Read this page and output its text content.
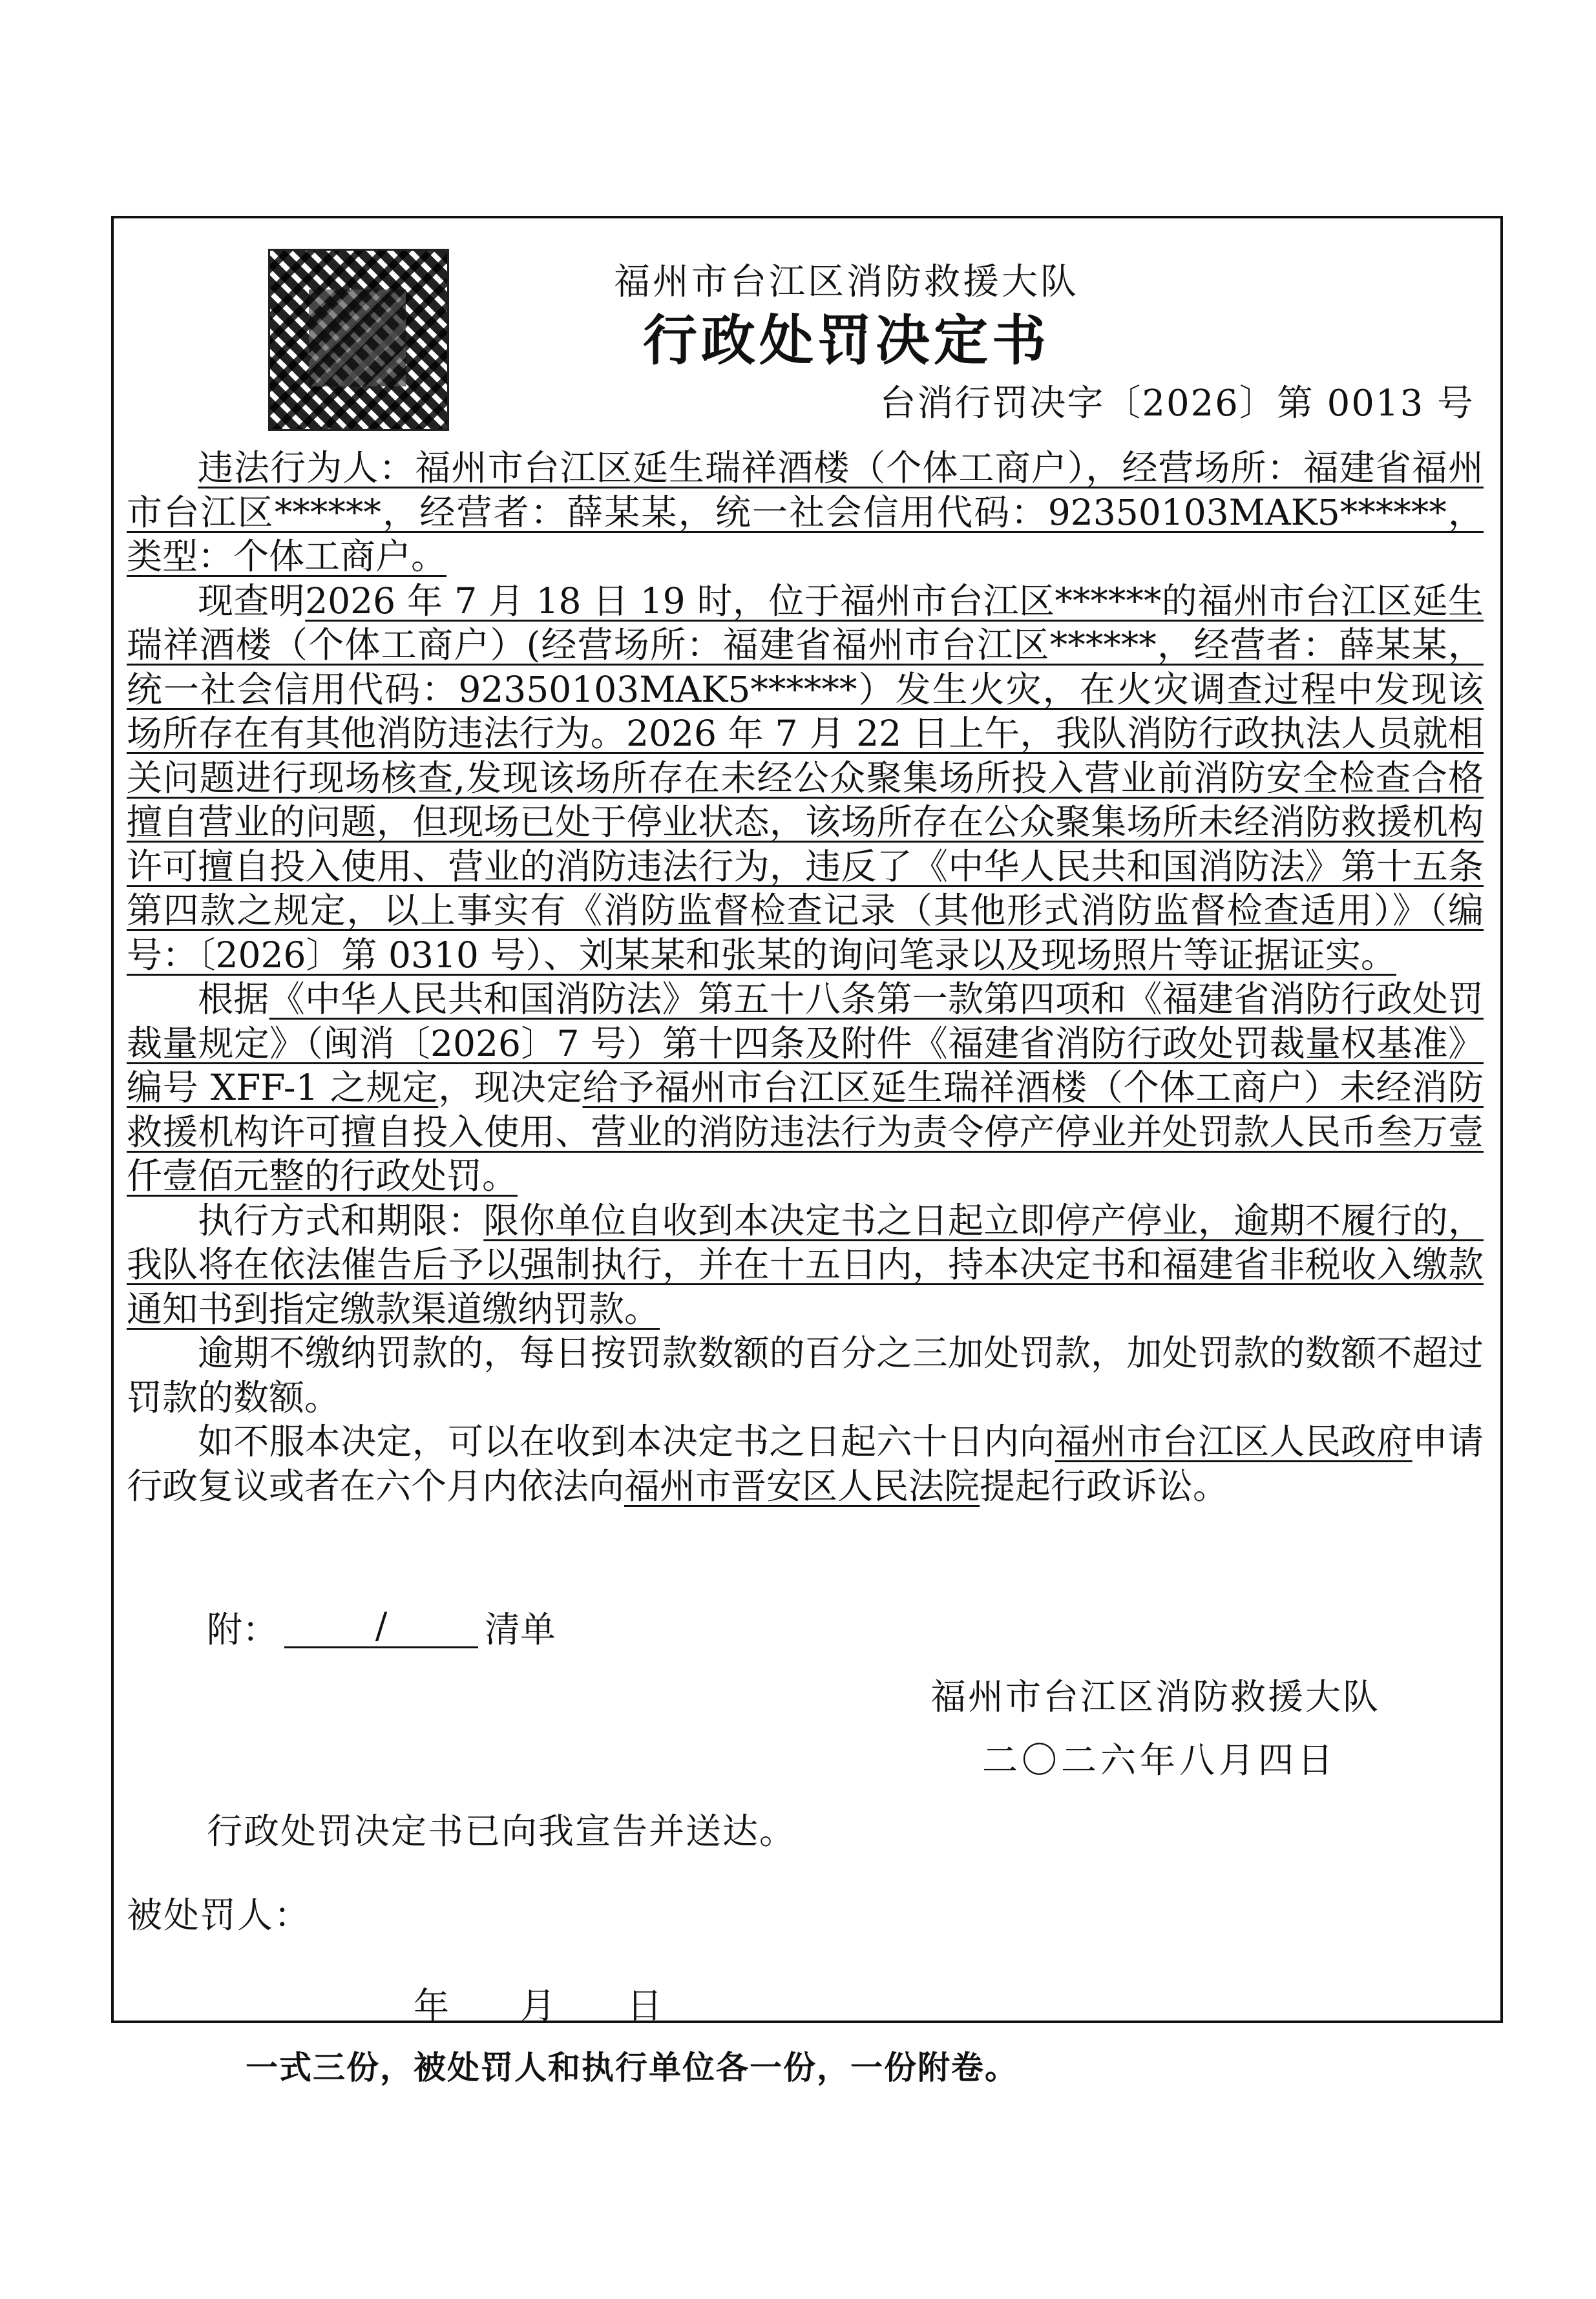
福州市台江区消防救援大队
行政处罚决定书
台消行罚决字〔2026〕第 0013 号

违法行为人：福州市台江区延生瑞祥酒楼（个体工商户），经营场所：福建省福州市台江区******，经营者：薛某某，统一社会信用代码：92350103MAK5******，类型：个体工商户。

现查明2026 年 7 月 18 日 19 时，位于福州市台江区******的福州市台江区延生瑞祥酒楼（个体工商户）(经营场所：福建省福州市台江区******，经营者：薛某某，统一社会信用代码：92350103MAK5******）发生火灾，在火灾调查过程中发现该场所存在有其他消防违法行为。2026 年 7 月 22 日上午，我队消防行政执法人员就相关问题进行现场核查,发现该场所存在未经公众聚集场所投入营业前消防安全检查合格擅自营业的问题，但现场已处于停业状态，该场所存在公众聚集场所未经消防救援机构许可擅自投入使用、营业的消防违法行为，违反了《中华人民共和国消防法》第十五条第四款之规定，以上事实有《消防监督检查记录（其他形式消防监督检查适用）》（编号：〔2026〕第 0310 号）、刘某某和张某的询问笔录以及现场照片等证据证实。

根据《中华人民共和国消防法》第五十八条第一款第四项和《福建省消防行政处罚裁量规定》（闽消〔2026〕7 号）第十四条及附件《福建省消防行政处罚裁量权基准》编号 XFF-1 之规定，现决定给予福州市台江区延生瑞祥酒楼（个体工商户）未经消防救援机构许可擅自投入使用、营业的消防违法行为责令停产停业并处罚款人民币叁万壹仟壹佰元整的行政处罚。

执行方式和期限：限你单位自收到本决定书之日起立即停产停业，逾期不履行的，我队将在依法催告后予以强制执行，并在十五日内，持本决定书和福建省非税收入缴款通知书到指定缴款渠道缴纳罚款。

逾期不缴纳罚款的，每日按罚款数额的百分之三加处罚款，加处罚款的数额不超过罚款的数额。

如不服本决定，可以在收到本决定书之日起六十日内向福州市台江区人民政府申请行政复议或者在六个月内依法向福州市晋安区人民法院提起行政诉讼。

附：	/	清单
福州市台江区消防救援大队
二〇二六年八月四日
行政处罚决定书已向我宣告并送达。
被处罚人：
年 月 日
一式三份，被处罚人和执行单位各一份，一份附卷。
